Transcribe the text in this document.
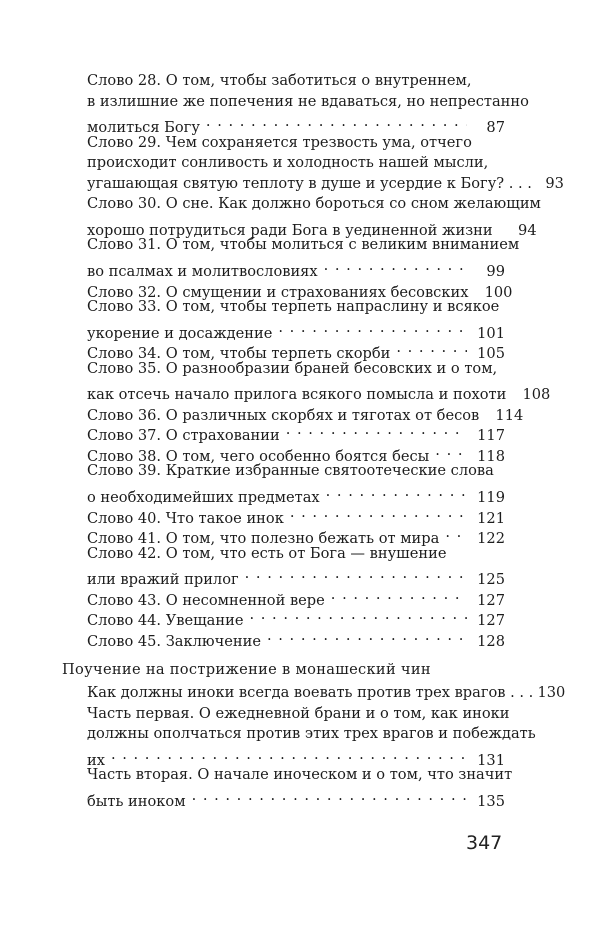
Слово 28. О том, чтобы заботиться о внутреннем,
в излишние же попечения не вдаваться, но непрестанно
молиться Богу . . .	87
Слово 29. Чем сохраняется трезвость ума, отчего
происходит сонливость и холодность нашей мысли,
угашающая святую теплоту в душе и усердие к Богу? . . . 93
Слово 30. О сне. Как должно бороться со сном желающим
хорошо потрудиться ради Бога в уединенной жизни	94
Слово 31. О том, чтобы молиться с великим вниманием
во псалмах и молитвословиях . . .	99
Слово 32. О смущении и страхованиях бесовских 100
Слово 33. О том, чтобы терпеть напраслину и всякое
укорение и досаждение . . .	101
Слово 34. О том, чтобы терпеть скорби . . .	105
Слово 35. О разнообразии браней бесовских и о том,
как отсечь начало прилога всякого помысла и похоти 108
Слово 36. О различных скорбях и тяготах от бесов 114
Слово 37. О страховании . . .	117
Слово 38. О том, чего особенно боятся бесы . . .	118
Слово 39. Краткие избранные святоотеческие слова
о необходимейших предметах . . .	119
Слово 40. Что такое инок . . .	121
Слово 41. О том, что полезно бежать от мира . . .	122
Слово 42. О том, что есть от Бога — внушение
или вражий прилог . . .	125
Слово 43. О несомненной вере . . .	127
Слово 44. Увещание . . .	127
Слово 45. Заключение . . .	128
Как должны иноки всегда воевать против трех врагов . . . 130
Часть первая. О ежедневной брани и о том, как иноки
должны ополчаться против этих трех врагов и побеждать
их . . .	131
Часть вторая. О начале иноческом и о том, что значит
быть иноком . . .	135
Поучение на пострижение в монашеский чин
347
